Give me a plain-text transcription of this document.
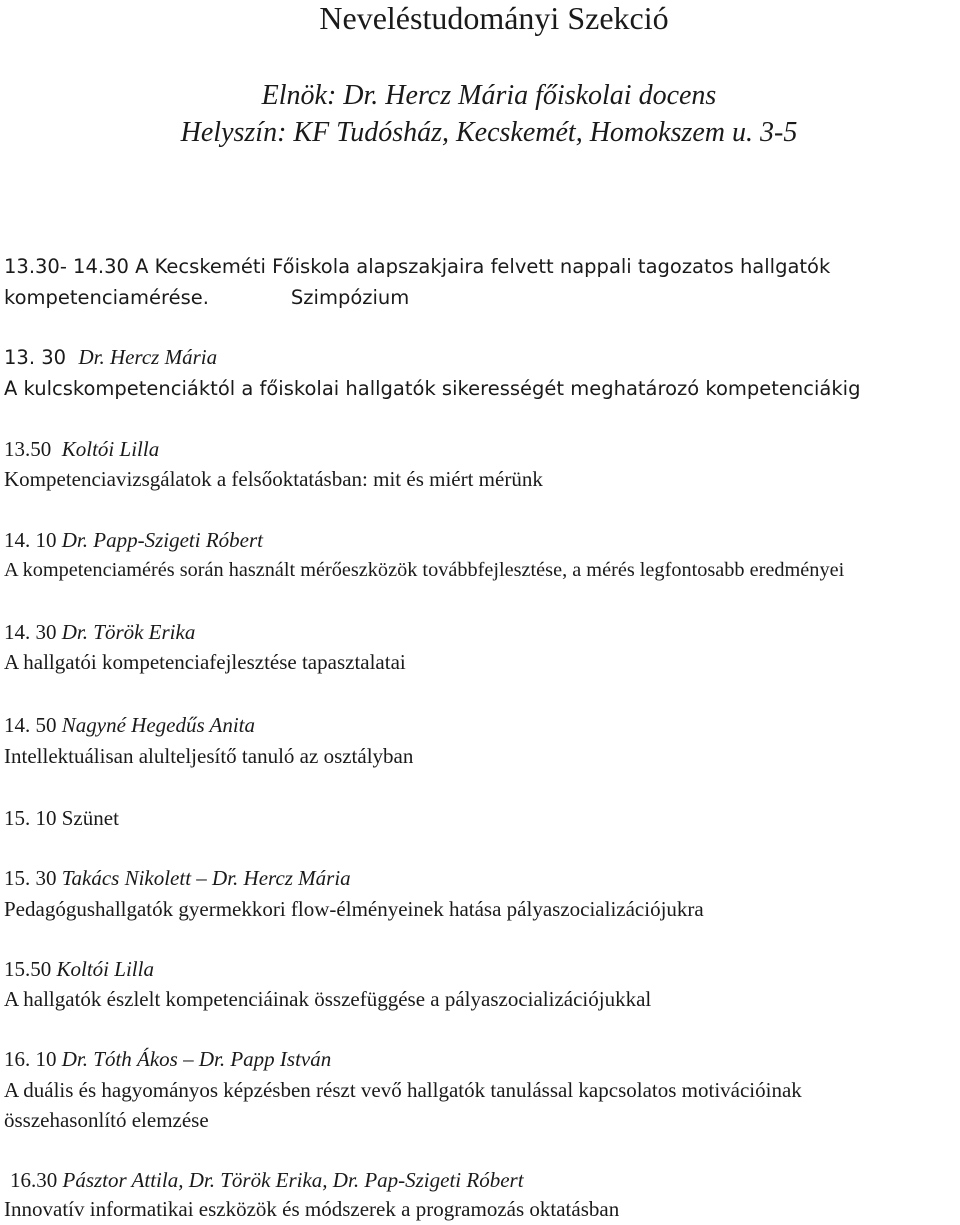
Neveléstudományi Szekció
Elnök: Dr. Hercz Mária főiskolai docens
Helyszín: KF Tudósház, Kecskemét, Homokszem u. 3-5
13.30- 14.30 A Kecskeméti Főiskola alapszakjaira felvett nappali tagozatos hallgatók
kompetenciamérése.	Szimpózium
13. 30 Dr. Hercz Mária
A kulcskompetenciáktól a főiskolai hallgatók sikerességét meghatározó kompetenciákig
13.50 Koltói Lilla
Kompetenciavizsgálatok a felsőoktatásban: mit és miért mérünk
14. 10 Dr. Papp-Szigeti Róbert
A kompetenciamérés során használt mérőeszközök továbbfejlesztése, a mérés legfontosabb eredményei
14. 30 Dr. Török Erika
A hallgatói kompetenciafejlesztése tapasztalatai
14. 50 Nagyné Hegedűs Anita
Intellektuálisan alulteljesítő tanuló az osztályban
15. 10 Szünet
15. 30 Takács Nikolett – Dr. Hercz Mária
Pedagógushallgatók gyermekkori flow-élményeinek hatása pályaszocializációjukra
15.50 Koltói Lilla
A hallgatók észlelt kompetenciáinak összefüggése a pályaszocializációjukkal
16. 10 Dr. Tóth Ákos – Dr. Papp István
A duális és hagyományos képzésben részt vevő hallgatók tanulással kapcsolatos motivációinak
összehasonlító elemzése
16.30 Pásztor Attila, Dr. Török Erika, Dr. Pap-Szigeti Róbert
Innovatív informatikai eszközök és módszerek a programozás oktatásban
